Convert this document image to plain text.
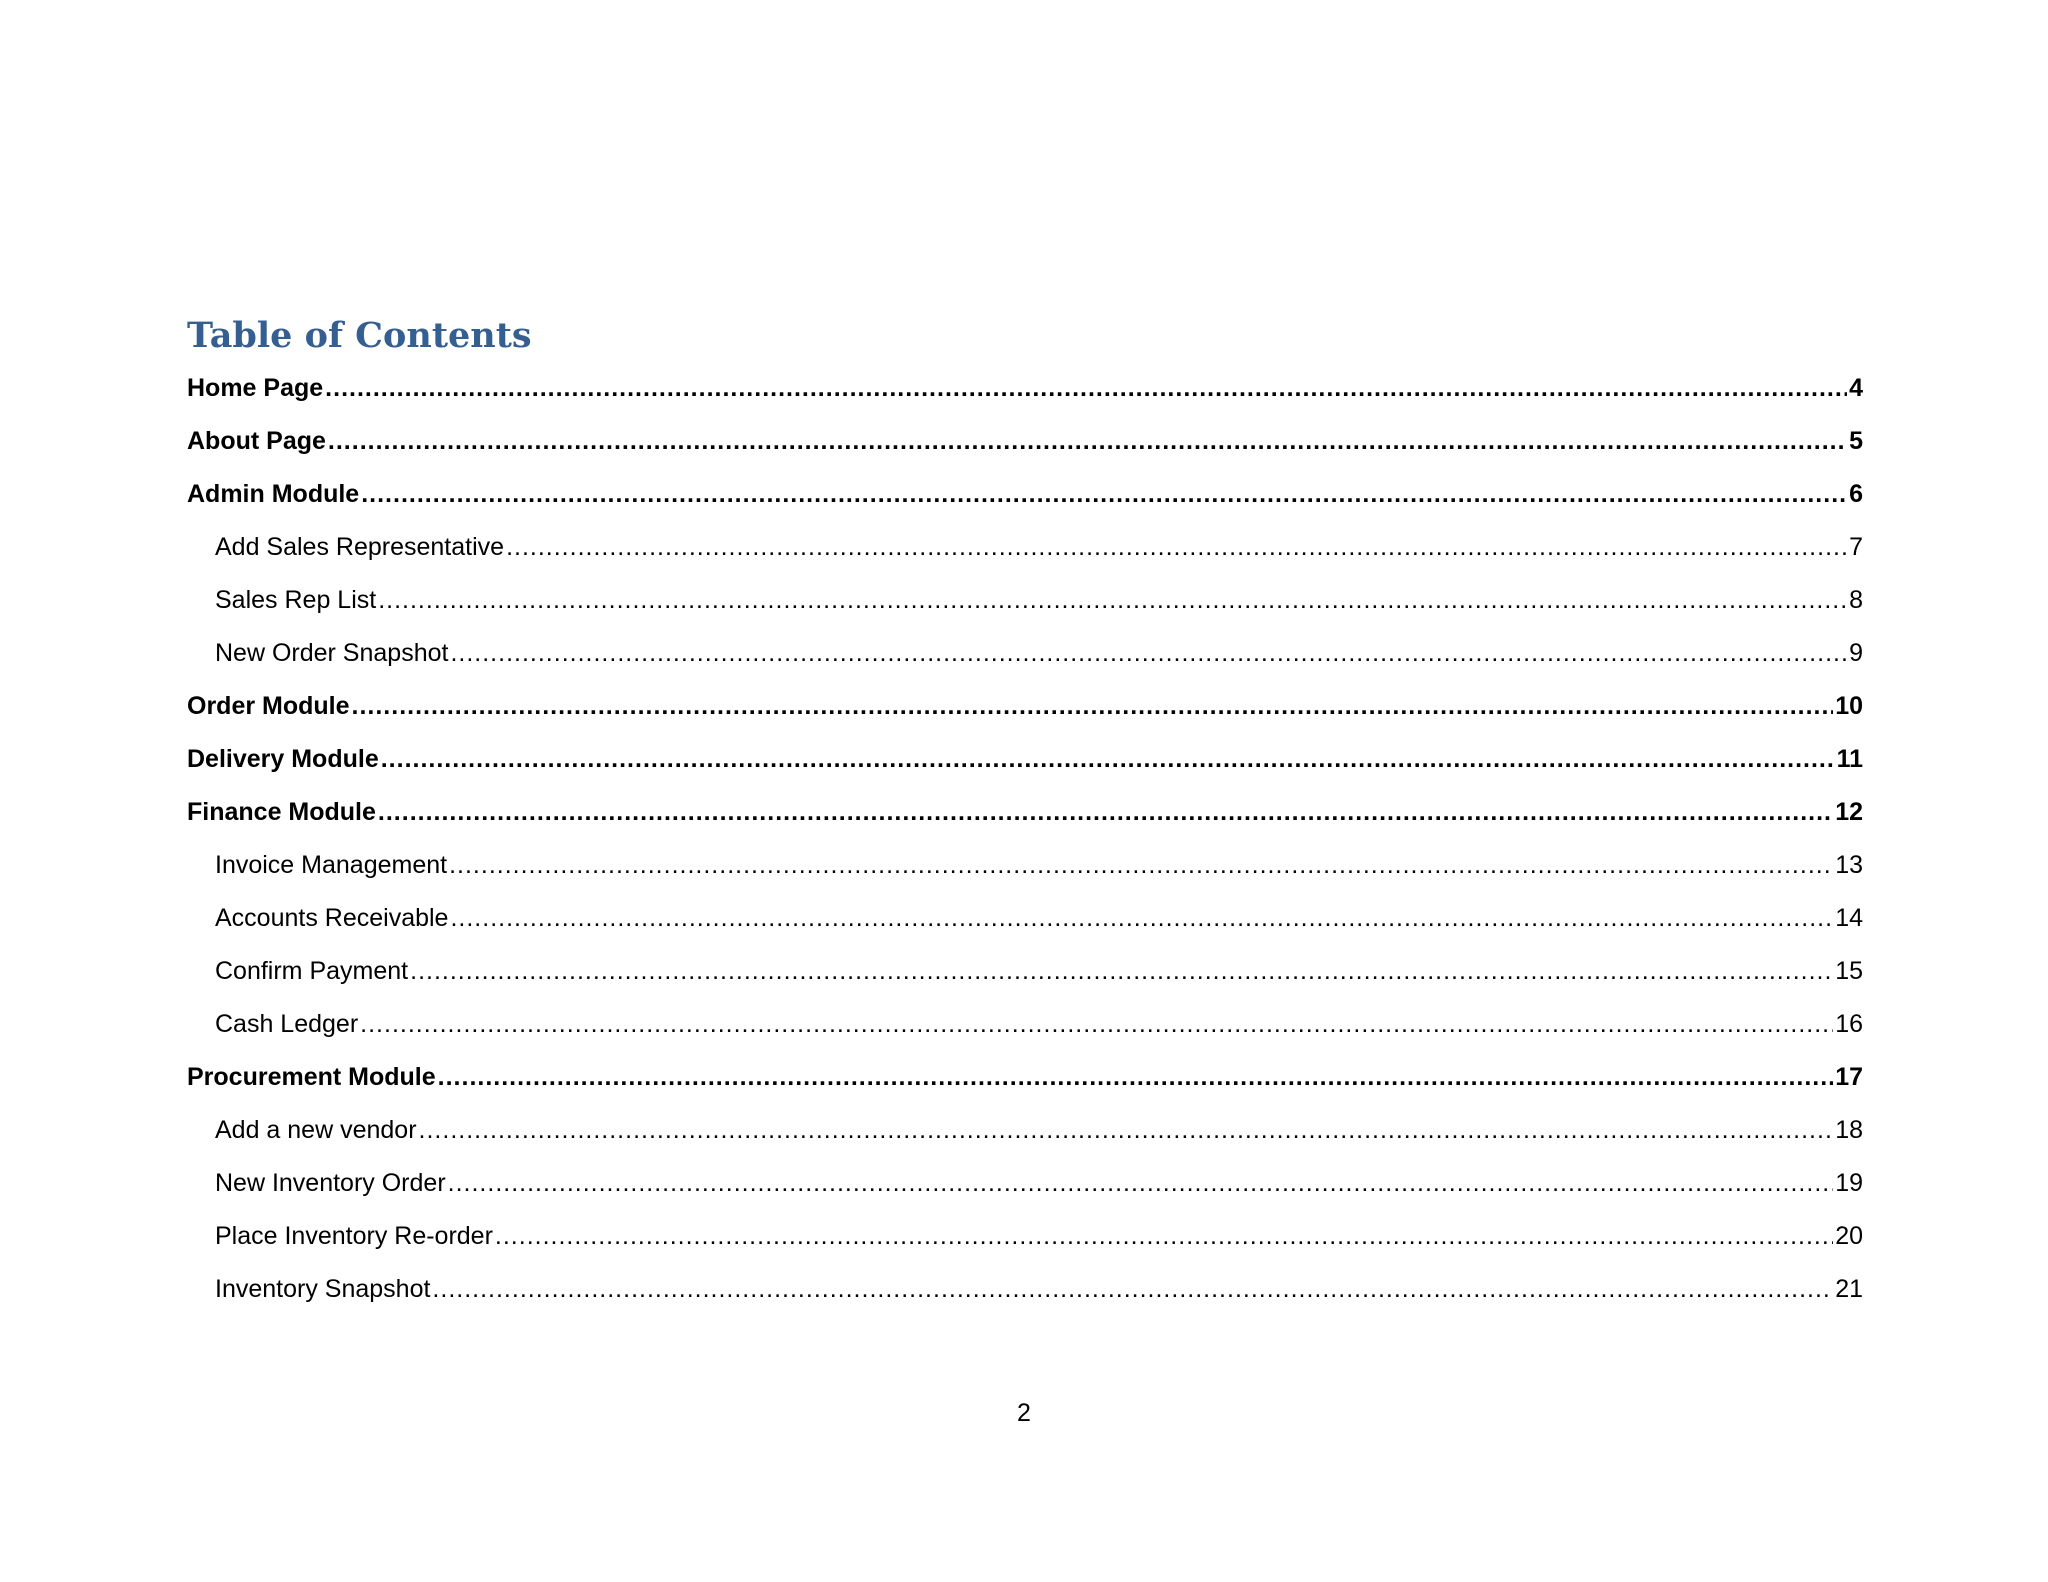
Table of Contents
Home Page .....	4
About Page .....	5
Admin Module .....	6
Add Sales Representative .....	7
Sales Rep List .....	8
New Order Snapshot .....	9
Order Module .....	10
Delivery Module .....	11
Finance Module .....	12
Invoice Management .....	13
Accounts Receivable .....	14
Confirm Payment .....	15
Cash Ledger .....	16
Procurement Module .....	17
Add a new vendor .....	18
New Inventory Order .....	19
Place Inventory Re-order .....	20
Inventory Snapshot .....	21
2
